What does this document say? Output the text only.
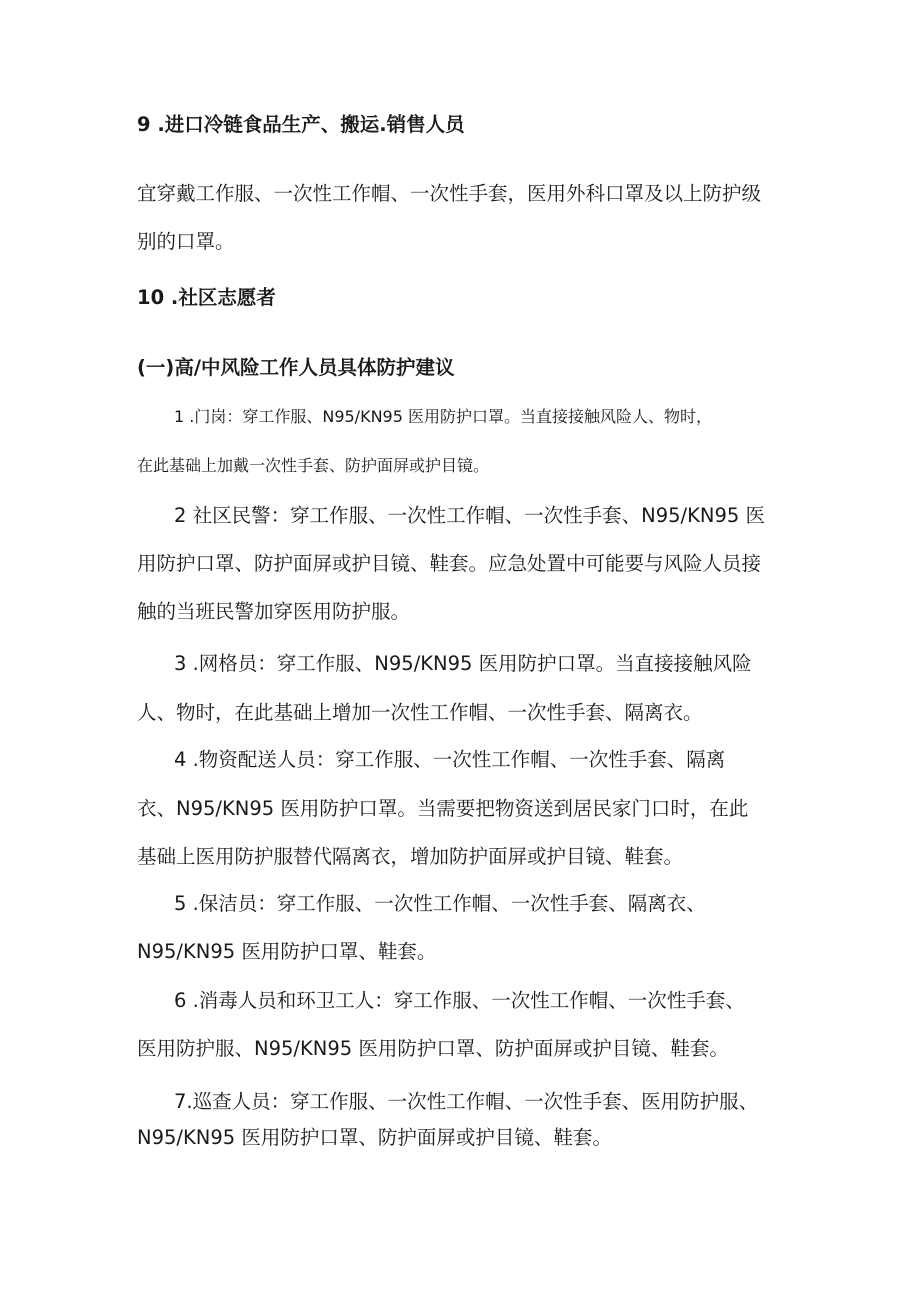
9 .进口冷链食品生产、搬运.销售人员
宜穿戴工作服、一次性工作帽、一次性手套，医用外科口罩及以上防护级
别的口罩。
10 .社区志愿者
(一)高/中风险工作人员具体防护建议
1 .门岗：穿工作服、N95/KN95 医用防护口罩。当直接接触风险人、物时，
在此基础上加戴一次性手套、防护面屏或护目镜。
2 社区民警：穿工作服、一次性工作帽、一次性手套、N95/KN95 医
用防护口罩、防护面屏或护目镜、鞋套。应急处置中可能要与风险人员接
触的当班民警加穿医用防护服。
3 .网格员：穿工作服、N95/KN95 医用防护口罩。当直接接触风险
人、物时，在此基础上增加一次性工作帽、一次性手套、隔离衣。
4 .物资配送人员：穿工作服、一次性工作帽、一次性手套、隔离
衣、N95/KN95 医用防护口罩。当需要把物资送到居民家门口时，在此
基础上医用防护服替代隔离衣，增加防护面屏或护目镜、鞋套。
5 .保洁员：穿工作服、一次性工作帽、一次性手套、隔离衣、
N95/KN95 医用防护口罩、鞋套。
6 .消毒人员和环卫工人：穿工作服、一次性工作帽、一次性手套、
医用防护服、N95/KN95 医用防护口罩、防护面屏或护目镜、鞋套。
7.巡查人员：穿工作服、一次性工作帽、一次性手套、医用防护服、
N95/KN95 医用防护口罩、防护面屏或护目镜、鞋套。
